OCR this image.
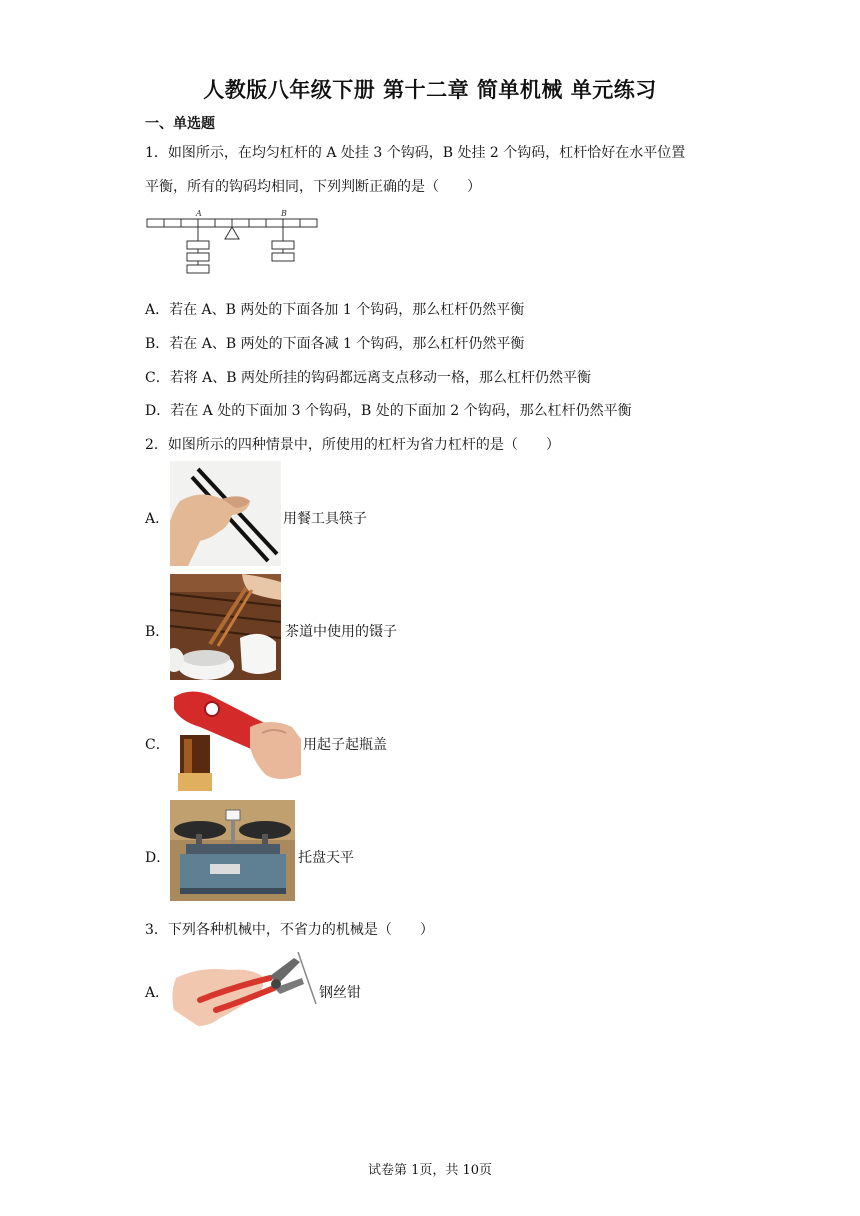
人教版八年级下册 第十二章 简单机械 单元练习
一、单选题
1．如图所示，在均匀杠杆的 A 处挂 3 个钩码，B 处挂 2 个钩码，杠杆恰好在水平位置
平衡，所有的钩码均相同，下列判断正确的是（　　）
A	B
A．若在 A、B 两处的下面各加 1 个钩码，那么杠杆仍然平衡
B．若在 A、B 两处的下面各减 1 个钩码，那么杠杆仍然平衡
C．若将 A、B 两处所挂的钩码都远离支点移动一格，那么杠杆仍然平衡
D．若在 A 处的下面加 3 个钩码，B 处的下面加 2 个钩码，那么杠杆仍然平衡
2．如图所示的四种情景中，所使用的杠杆为省力杠杆的是（　　）
A．	用餐工具筷子
B．	茶道中使用的镊子
C．	用起子起瓶盖
D．	托盘天平
3．下列各种机械中，不省力的机械是（　　）
A．	钢丝钳
试卷第 1页，共 10页
